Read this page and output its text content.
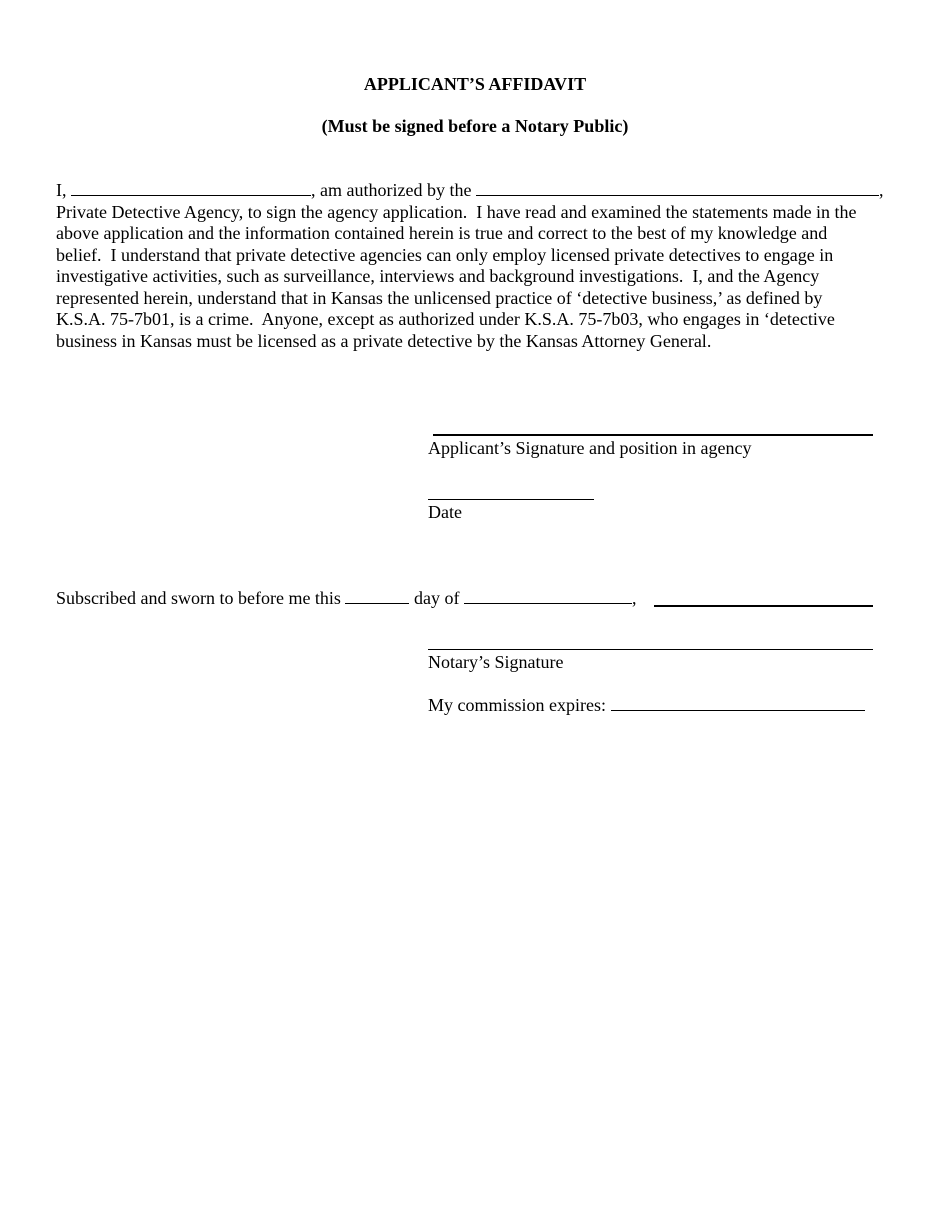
APPLICANT’S AFFIDAVIT
(Must be signed before a Notary Public)
I,	, am authorized by the	,
Private Detective Agency, to sign the agency application.  I have read and examined the statements made in the
above application and the information contained herein is true and correct to the best of my knowledge and
belief.  I understand that private detective agencies can only employ licensed private detectives to engage in
investigative activities, such as surveillance, interviews and background investigations.  I, and the Agency
represented herein, understand that in Kansas the unlicensed practice of ‘detective business,’ as defined by
K.S.A. 75-7b01, is a crime.  Anyone, except as authorized under K.S.A. 75-7b03, who engages in ‘detective
business in Kansas must be licensed as a private detective by the Kansas Attorney General.
Applicant’s Signature and position in agency
Date
Subscribed and sworn to before me this	day of	,
Notary’s Signature
My commission expires:
